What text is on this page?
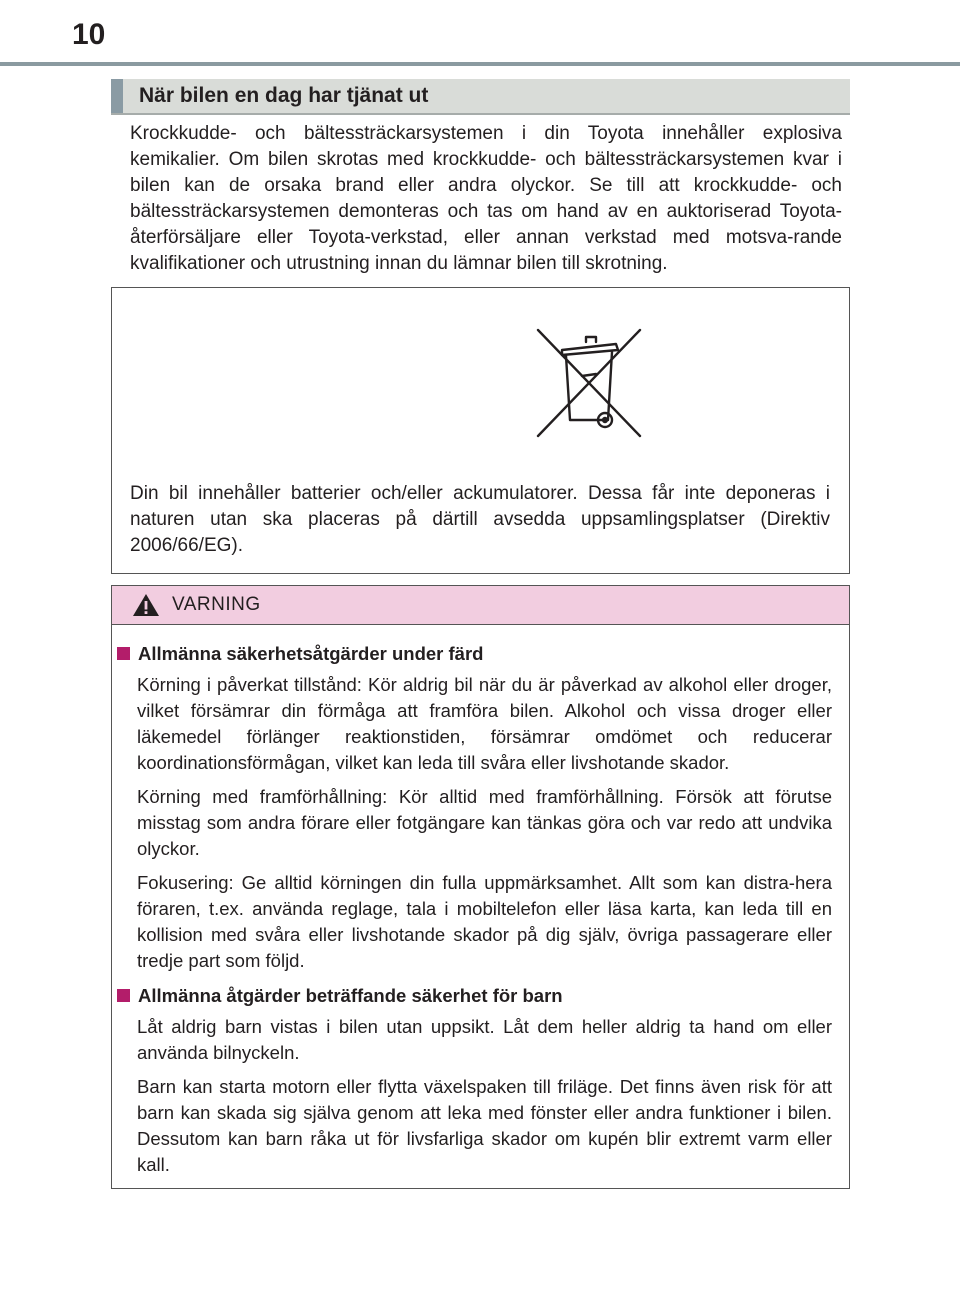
10
När bilen en dag har tjänat ut

Krockkudde- och bältessträckarsystemen i din Toyota innehåller explosiva kemikalier. Om bilen skrotas med krockkudde- och bältessträckarsystemen kvar i bilen kan de orsaka brand eller andra olyckor. Se till att krockkudde- och bältessträckarsystemen demonteras och tas om hand av en auktoriserad Toyota-återförsäljare eller Toyota-verkstad, eller annan verkstad med motsva-rande kvalifikationer och utrustning innan du lämnar bilen till skrotning.

Din bil innehåller batterier och/eller ackumulatorer. Dessa får inte deponeras i naturen utan ska placeras på därtill avsedda uppsamlingsplatser (Direktiv 2006/66/EG).

VARNING
Allmänna säkerhetsåtgärder under färd

Körning i påverkat tillstånd: Kör aldrig bil när du är påverkad av alkohol eller droger, vilket försämrar din förmåga att framföra bilen. Alkohol och vissa droger eller läkemedel förlänger reaktionstiden, försämrar omdömet och reducerar koordinationsförmågan, vilket kan leda till svåra eller livshotande skador.

Körning med framförhållning: Kör alltid med framförhållning. Försök att förutse misstag som andra förare eller fotgängare kan tänkas göra och var redo att undvika olyckor.

Fokusering: Ge alltid körningen din fulla uppmärksamhet. Allt som kan distra-hera föraren, t.ex. använda reglage, tala i mobiltelefon eller läsa karta, kan leda till en kollision med svåra eller livshotande skador på dig själv, övriga passagerare eller tredje part som följd.

Allmänna åtgärder beträffande säkerhet för barn

Låt aldrig barn vistas i bilen utan uppsikt. Låt dem heller aldrig ta hand om eller använda bilnyckeln.

Barn kan starta motorn eller flytta växelspaken till friläge. Det finns även risk för att barn kan skada sig själva genom att leka med fönster eller andra funktioner i bilen. Dessutom kan barn råka ut för livsfarliga skador om kupén blir extremt varm eller kall.
